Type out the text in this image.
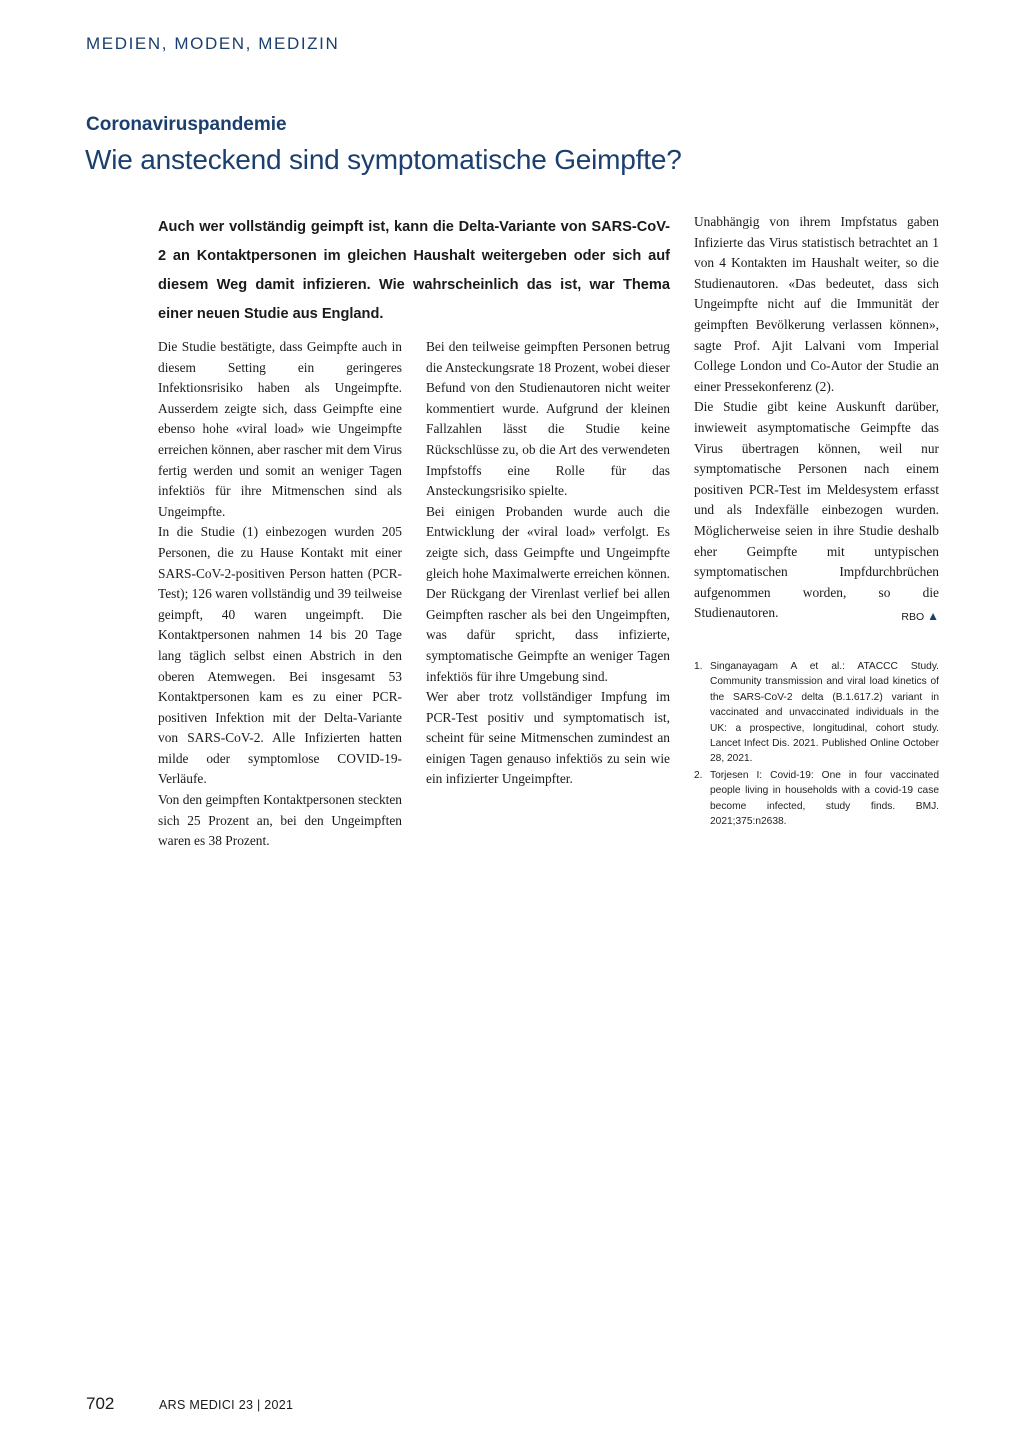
MEDIEN, MODEN, MEDIZIN
Coronaviruspandemie
Wie ansteckend sind symptomatische Geimpfte?
Auch wer vollständig geimpft ist, kann die Delta-Variante von SARS-CoV-2 an Kontaktpersonen im gleichen Haushalt weitergeben oder sich auf diesem Weg damit infizieren. Wie wahrscheinlich das ist, war Thema einer neuen Studie aus England.

Die Studie bestätigte, dass Geimpfte auch in diesem Setting ein geringeres Infektionsrisiko haben als Ungeimpfte. Ausserdem zeigte sich, dass Geimpfte eine ebenso hohe «viral load» wie Ungeimpfte erreichen können, aber rascher mit dem Virus fertig werden und somit an weniger Tagen infektiös für ihre Mitmenschen sind als Ungeimpfte.

In die Studie (1) einbezogen wurden 205 Personen, die zu Hause Kontakt mit einer SARS-CoV-2-positiven Person hatten (PCR-Test); 126 waren vollständig und 39 teilweise geimpft, 40 waren ungeimpft. Die Kontaktpersonen nahmen 14 bis 20 Tage lang täglich selbst einen Abstrich in den oberen Atemwegen. Bei insgesamt 53 Kontaktpersonen kam es zu einer PCR-positiven Infektion mit der Delta-Variante von SARS-CoV-2. Alle Infizierten hatten milde oder symptomlose COVID-19-Verläufe.

Von den geimpften Kontaktpersonen steckten sich 25 Prozent an, bei den Ungeimpften waren es 38 Prozent.

Bei den teilweise geimpften Personen betrug die Ansteckungsrate 18 Prozent, wobei dieser Befund von den Studienautoren nicht weiter kommentiert wurde. Aufgrund der kleinen Fallzahlen lässt die Studie keine Rückschlüsse zu, ob die Art des verwendeten Impfstoffs eine Rolle für das Ansteckungsrisiko spielte.

Bei einigen Probanden wurde auch die Entwicklung der «viral load» verfolgt. Es zeigte sich, dass Geimpfte und Ungeimpfte gleich hohe Maximalwerte erreichen können. Der Rückgang der Virenlast verlief bei allen Geimpften rascher als bei den Ungeimpften, was dafür spricht, dass infizierte, symptomatische Geimpfte an weniger Tagen infektiös für ihre Umgebung sind.

Wer aber trotz vollständiger Impfung im PCR-Test positiv und symptomatisch ist, scheint für seine Mitmenschen zumindest an einigen Tagen genauso infektiös zu sein wie ein infizierter Ungeimpfter.

Unabhängig von ihrem Impfstatus gaben Infizierte das Virus statistisch betrachtet an 1 von 4 Kontakten im Haushalt weiter, so die Studienautoren. «Das bedeutet, dass sich Ungeimpfte nicht auf die Immunität der geimpften Bevölkerung verlassen können», sagte Prof. Ajit Lalvani vom Imperial College London und Co-Autor der Studie an einer Pressekonferenz (2).

Die Studie gibt keine Auskunft darüber, inwieweit asymptomatische Geimpfte das Virus übertragen können, weil nur symptomatische Personen nach einem positiven PCR-Test im Meldesystem erfasst und als Indexfälle einbezogen wurden. Möglicherweise seien in ihre Studie deshalb eher Geimpfte mit untypischen symptomatischen Impfdurchbrüchen aufgenommen worden, so die Studienautoren.	RBO ▲

1. Singanayagam A et al.: ATACCC Study. Community transmission and viral load kinetics of the SARS-CoV-2 delta (B.1.617.2) variant in vaccinated and unvaccinated individuals in the UK: a prospective, longitudinal, cohort study. Lancet Infect Dis. 2021. Published Online October 28, 2021.
2. Torjesen I: Covid-19: One in four vaccinated people living in households with a covid-19 case become infected, study finds. BMJ. 2021;375:n2638.
702	ARS MEDICI 23 | 2021
